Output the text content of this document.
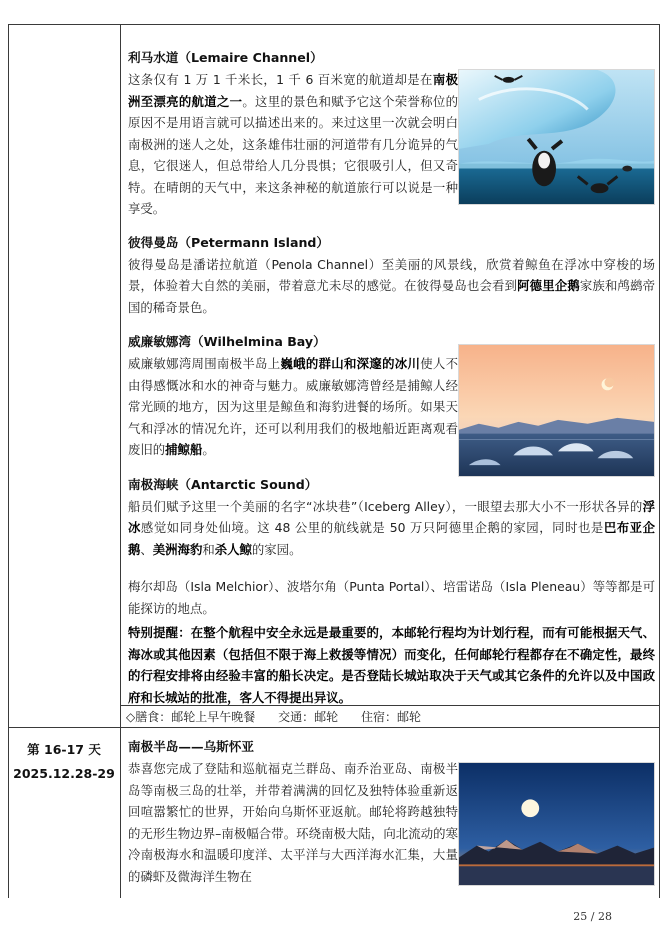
利马水道（Lemaire Channel）
这条仅有 1 万 1 千米长，1 千 6 百米宽的航道却是在南极洲至漂亮的航道之一。这里的景色和赋予它这个荣誉称位的原因不是用语言就可以描述出来的。来过这里一次就会明白南极洲的迷人之处，这条雄伟壮丽的河道带有几分诡异的气息，它很迷人，但总带给人几分畏惧；它很吸引人，但又奇特。在晴朗的天气中，来这条神秘的航道旅行可以说是一种享受。
彼得曼岛（Petermann Island）
彼得曼岛是潘诺拉航道（Penola Channel）至美丽的风景线，欣赏着鲸鱼在浮冰中穿梭的场景，体验着大自然的美丽，带着意尤未尽的感觉。在彼得曼岛也会看到阿德里企鹅家族和鸬鹚帝国的稀奇景色。
威廉敏娜湾（Wilhelmina Bay）
威廉敏娜湾周围南极半岛上巍峨的群山和深邃的冰川使人不由得感慨冰和水的神奇与魅力。威廉敏娜湾曾经是捕鲸人经常光顾的地方，因为这里是鲸鱼和海豹进餐的场所。如果天气和浮冰的情况允许，还可以利用我们的极地船近距离观看废旧的捕鲸船。
南极海峡（Antarctic Sound）
船员们赋予这里一个美丽的名字“冰块巷”（Iceberg Alley），一眼望去那大小不一形状各异的浮冰感觉如同身处仙境。这 48 公里的航线就是 50 万只阿德里企鹅的家园，同时也是巴布亚企鹅、美洲海豹和杀人鲸的家园。
梅尔却岛（Isla Melchior）、波塔尔角（Punta Portal）、培雷诺岛（Isla Pleneau）等等都是可能探访的地点。
特别提醒：在整个航程中安全永远是最重要的，本邮轮行程均为计划行程，而有可能根据天气、海冰或其他因素（包括但不限于海上救援等情况）而变化，任何邮轮行程都存在不确定性，最终的行程安排将由经验丰富的船长决定。是否登陆长城站取决于天气或其它条件的允许以及中国政府和长城站的批准，客人不得提出异议。
◇膳食：邮轮上早午晚餐 交通：邮轮 住宿：邮轮
第 16-17 天
2025.12.28-29
南极半岛——乌斯怀亚
恭喜您完成了登陆和巡航福克兰群岛、南乔治亚岛、南极半岛等南极三岛的壮举，并带着满满的回忆及独特体验重新返回喧嚣繁忙的世界，开始向乌斯怀亚返航。邮轮将跨越独特的无形生物边界–南极幅合带。环绕南极大陆，向北流动的寒冷南极海水和温暖印度洋、太平洋与大西洋海水汇集，大量的磷虾及微海洋生物在
25 / 28
